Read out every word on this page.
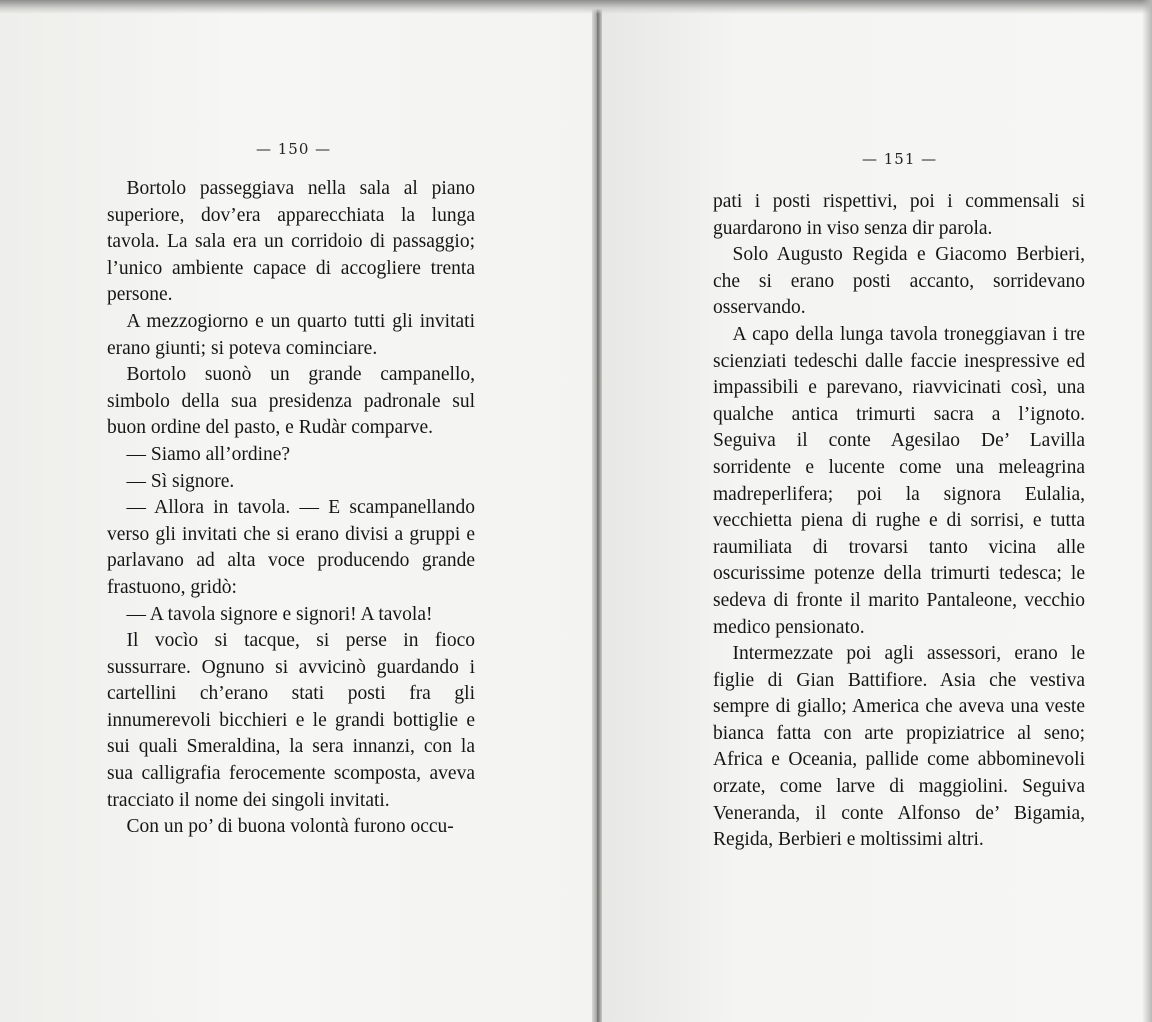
— 150 —

Bortolo passeggiava nella sala al piano superiore, dov’era apparecchiata la lunga tavola. La sala era un corridoio di passaggio; l’unico ambiente capace di accogliere trenta persone.

A mezzogiorno e un quarto tutti gli invitati erano giunti; si poteva cominciare.

Bortolo suonò un grande campanello, simbolo della sua presidenza padronale sul buon ordine del pasto, e Rudàr comparve.

— Siamo all’ordine?

— Sì signore.

— Allora in tavola. — E scampanellando verso gli invitati che si erano divisi a gruppi e parlavano ad alta voce producendo grande frastuono, gridò:

— A tavola signore e signori! A tavola!

Il vocìo si tacque, si perse in fioco sussurrare. Ognuno si avvicinò guardando i cartellini ch’erano stati posti fra gli innumerevoli bicchieri e le grandi bottiglie e sui quali Smeraldina, la sera innanzi, con la sua calligrafia ferocemente scomposta, aveva tracciato il nome dei singoli invitati.

Con un po’ di buona volontà furono occu-

— 151 —

pati i posti rispettivi, poi i commensali si guardarono in viso senza dir parola.

Solo Augusto Regida e Giacomo Berbieri, che si erano posti accanto, sorridevano osservando.

A capo della lunga tavola troneggiavan i tre scienziati tedeschi dalle faccie inespressive ed impassibili e parevano, riavvicinati così, una qualche antica trimurti sacra a l’ignoto. Seguiva il conte Agesilao De’ Lavilla sorridente e lucente come una meleagrina madreperlifera; poi la signora Eulalia, vecchietta piena di rughe e di sorrisi, e tutta raumiliata di trovarsi tanto vicina alle oscurissime potenze della trimurti tedesca; le sedeva di fronte il marito Pantaleone, vecchio medico pensionato.

Intermezzate poi agli assessori, erano le figlie di Gian Battifiore. Asia che vestiva sempre di giallo; America che aveva una veste bianca fatta con arte propiziatrice al seno; Africa e Oceania, pallide come abbominevoli orzate, come larve di maggiolini. Seguiva Veneranda, il conte Alfonso de’ Bigamia, Regida, Berbieri e moltissimi altri.
